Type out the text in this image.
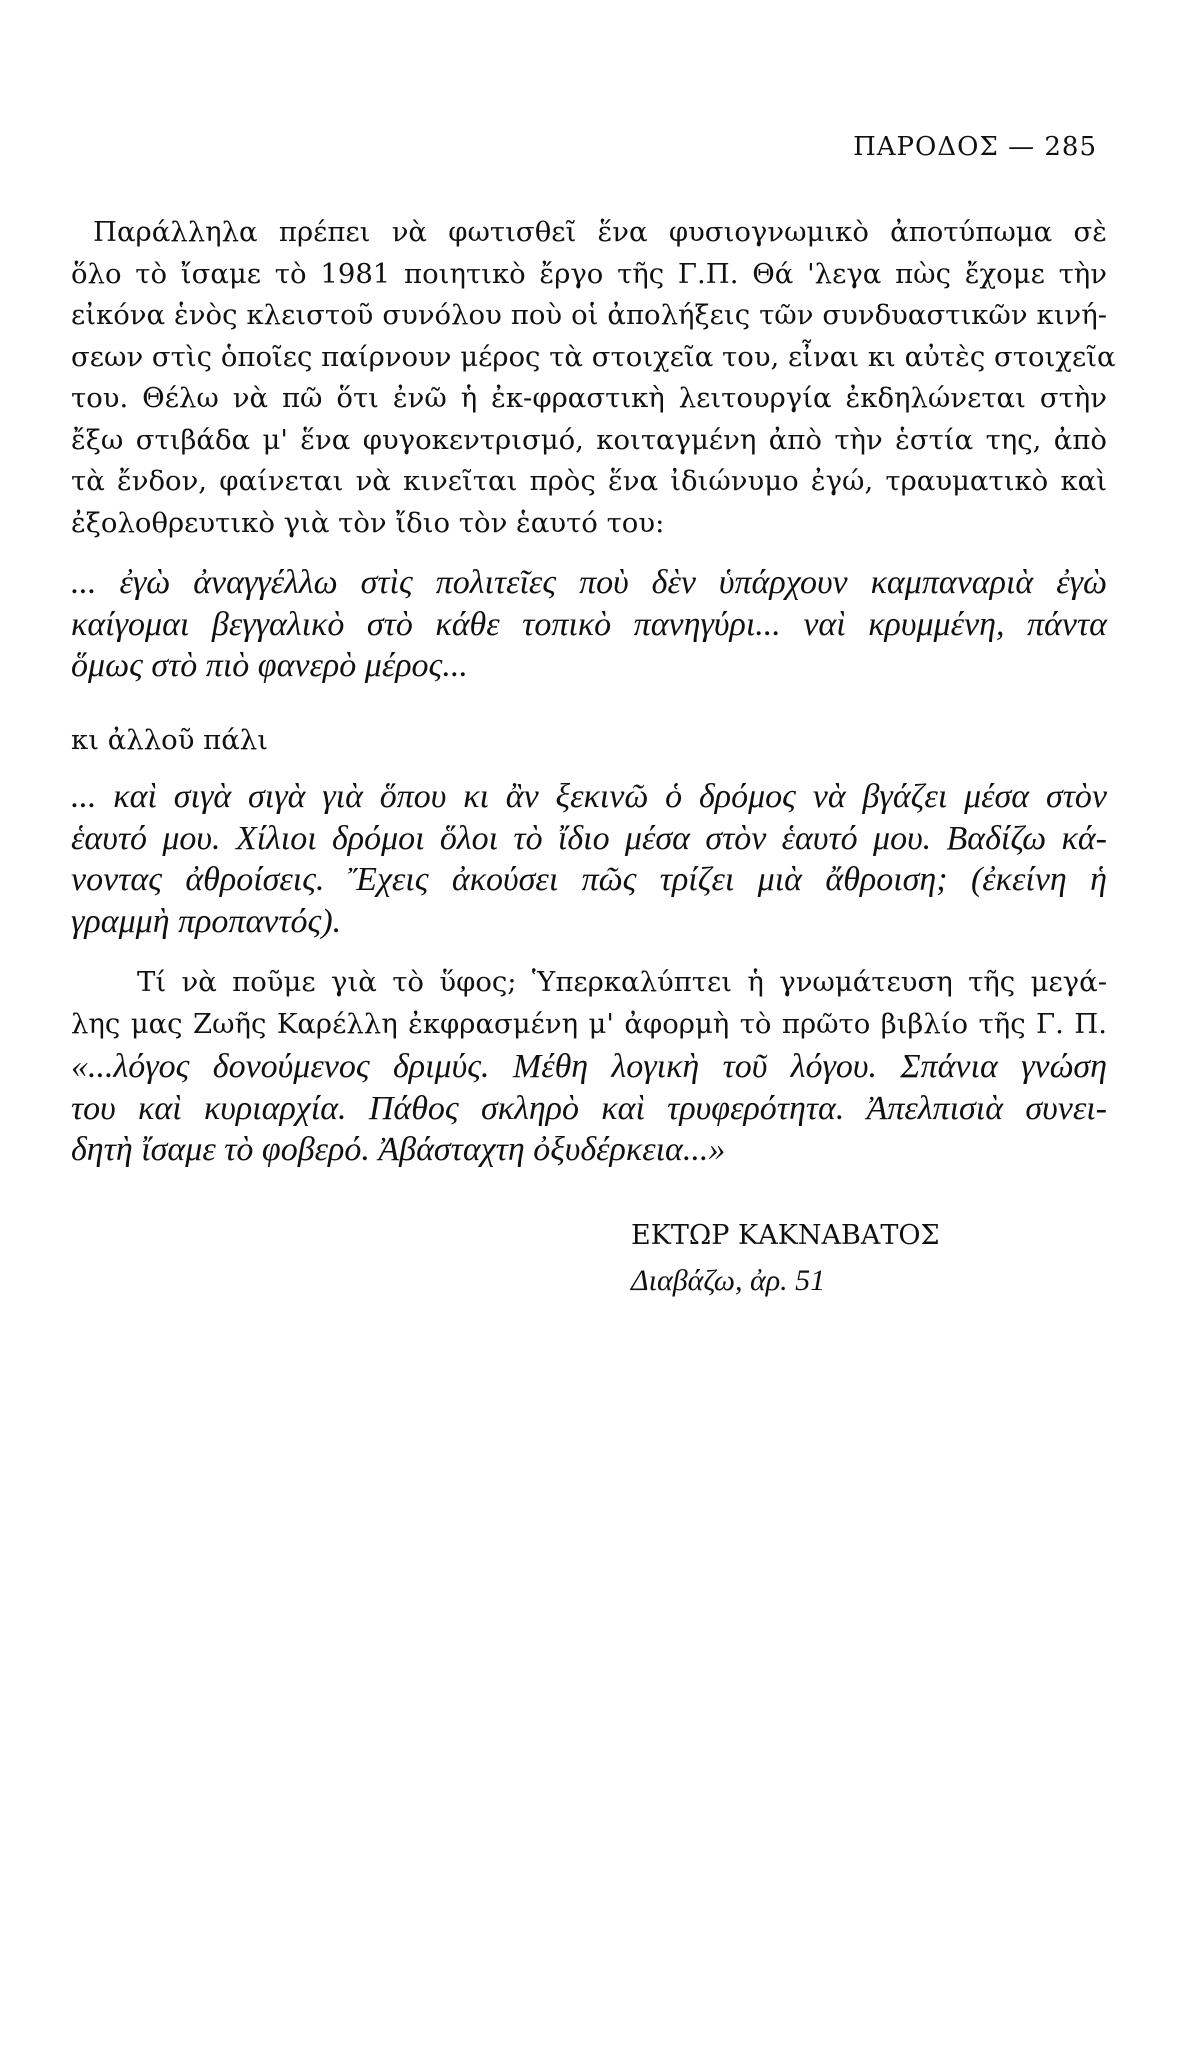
ΠΑΡΟΔΟΣ — 285
Παράλληλα πρέπει νὰ φωτισθεῖ ἕνα φυσιογνωμικὸ ἀποτύπωμα σὲ
ὅλο τὸ ἴσαμε τὸ 1981 ποιητικὸ ἔργο τῆς Γ.Π. Θά 'λεγα πὼς ἔχομε τὴν
εἰκόνα ἑνὸς κλειστοῦ συνόλου ποὺ οἱ ἀπολήξεις τῶν συνδυαστικῶν κινή-
σεων στὶς ὁποῖες παίρνουν μέρος τὰ στοιχεῖα του, εἶναι κι αὐτὲς στοιχεῖα
του. Θέλω νὰ πῶ ὅτι ἐνῶ ἡ ἐκ-φραστικὴ λειτουργία ἐκδηλώνεται στὴν
ἔξω στιβάδα μ' ἕνα φυγοκεντρισμό, κοιταγμένη ἀπὸ τὴν ἑστία της, ἀπὸ
τὰ ἔνδον, φαίνεται νὰ κινεῖται πρὸς ἕνα ἰδιώνυμο ἐγώ, τραυματικὸ καὶ
ἐξολοθρευτικὸ γιὰ τὸν ἴδιο τὸν ἑαυτό του:
... ἐγὼ ἀναγγέλλω στὶς πολιτεῖες ποὺ δὲν ὑπάρχουν καμπαναριὰ ἐγὼ
καίγομαι βεγγαλικὸ στὸ κάθε τοπικὸ πανηγύρι... ναὶ κρυμμένη, πάντα
ὅμως στὸ πιὸ φανερὸ μέρος...
κι ἀλλοῦ πάλι
... καὶ σιγὰ σιγὰ γιὰ ὅπου κι ἂν ξεκινῶ ὁ δρόμος νὰ βγάζει μέσα στὸν
ἑαυτό μου. Χίλιοι δρόμοι ὅλοι τὸ ἴδιο μέσα στὸν ἑαυτό μου. Βαδίζω κά-
νοντας ἀθροίσεις. Ἔχεις ἀκούσει πῶς τρίζει μιὰ ἄθροιση; (ἐκείνη ἡ
γραμμὴ προπαντός).
Τί νὰ ποῦμε γιὰ τὸ ὕφος; Ὑπερκαλύπτει ἡ γνωμάτευση τῆς μεγά-
λης μας Ζωῆς Καρέλλη ἐκφρασμένη μ' ἀφορμὴ τὸ πρῶτο βιβλίο τῆς Γ. Π.
«...λόγος δονούμενος δριμύς. Μέθη λογικὴ τοῦ λόγου. Σπάνια γνώση
του καὶ κυριαρχία. Πάθος σκληρὸ καὶ τρυφερότητα. Ἀπελπισιὰ συνει-
δητὴ ἴσαμε τὸ φοβερό. Ἀβάσταχτη ὀξυδέρκεια...»
ΕΚΤΩΡ ΚΑΚΝΑΒΑΤΟΣ
Διαβάζω, ἀρ. 51
